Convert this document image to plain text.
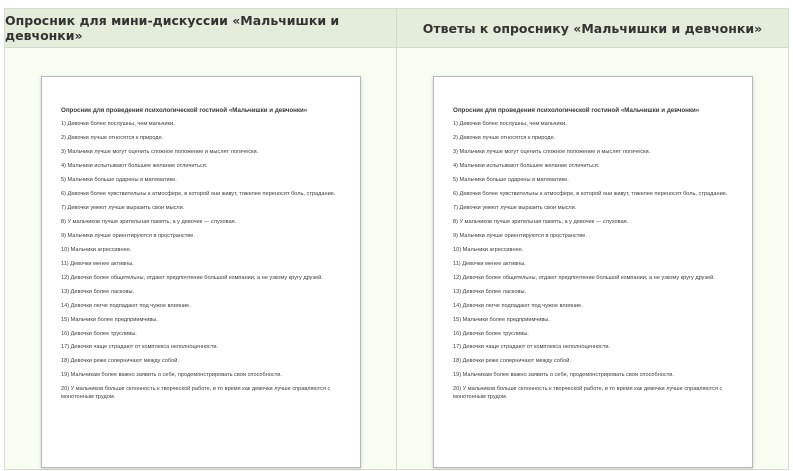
Опросник для мини-дискуссии «Мальчишки и девчонки»	Ответы к опроснику «Мальчишки и девчонки»
Опросник для проведения психологической гостиной «Мальчишки и девчонки»
1) Девочки более послушны, чем мальчики.
2) Девочки лучше относятся к природе.
3) Мальчики лучше могут оценить сложное положение и мыслят логически.
4) Мальчики испытывают большее желание отличиться.
5) Мальчики больше одарены в математике.
6) Девочки более чувствительны к атмосфере, в которой они живут, тяжелее переносят боль, страдание.
7) Девочки умеют лучше выразить свои мысли.
8) У мальчиков лучше зрительная память, а у девочек — слуховая.
9) Мальчики лучше ориентируются в пространстве.
10) Мальчики агрессивнее.
11) Девочки менее активны.
12) Девочки более общительны, отдают предпочтение большой компании, а не узкому кругу друзей.
13) Девочки более ласковы.
14) Девочки легче подпадают под чужое влияние.
15) Мальчики более предприимчивы.
16) Девочки более трусливы.
17) Девочки чаще страдают от комплекса неполноценности.
18) Девочки реже соперничают между собой.
19) Мальчикам более важно заявить о себе, продемонстрировать свои способности.
20) У мальчиков больше склонность к творческой работе, в то время как девочки лучше справляются с монотонным трудом.
Опросник для проведения психологической гостиной «Мальчишки и девчонки»
1) Девочки более послушны, чем мальчики.
2) Девочки лучше относятся к природе.
3) Мальчики лучше могут оценить сложное положение и мыслят логически.
4) Мальчики испытывают большее желание отличиться.
5) Мальчики больше одарены в математике.
6) Девочки более чувствительны к атмосфере, в которой они живут, тяжелее переносят боль, страдание.
7) Девочки умеют лучше выразить свои мысли.
8) У мальчиков лучше зрительная память, а у девочек — слуховая.
9) Мальчики лучше ориентируются в пространстве.
10) Мальчики агрессивнее.
11) Девочки менее активны.
12) Девочки более общительны, отдают предпочтение большой компании, а не узкому кругу друзей.
13) Девочки более ласковы.
14) Девочки легче подпадают под чужое влияние.
15) Мальчики более предприимчивы.
16) Девочки более трусливы.
17) Девочки чаще страдают от комплекса неполноценности.
18) Девочки реже соперничают между собой.
19) Мальчикам более важно заявить о себе, продемонстрировать свои способности.
20) У мальчиков больше склонность к творческой работе, в то время как девочки лучше справляются с монотонным трудом.
